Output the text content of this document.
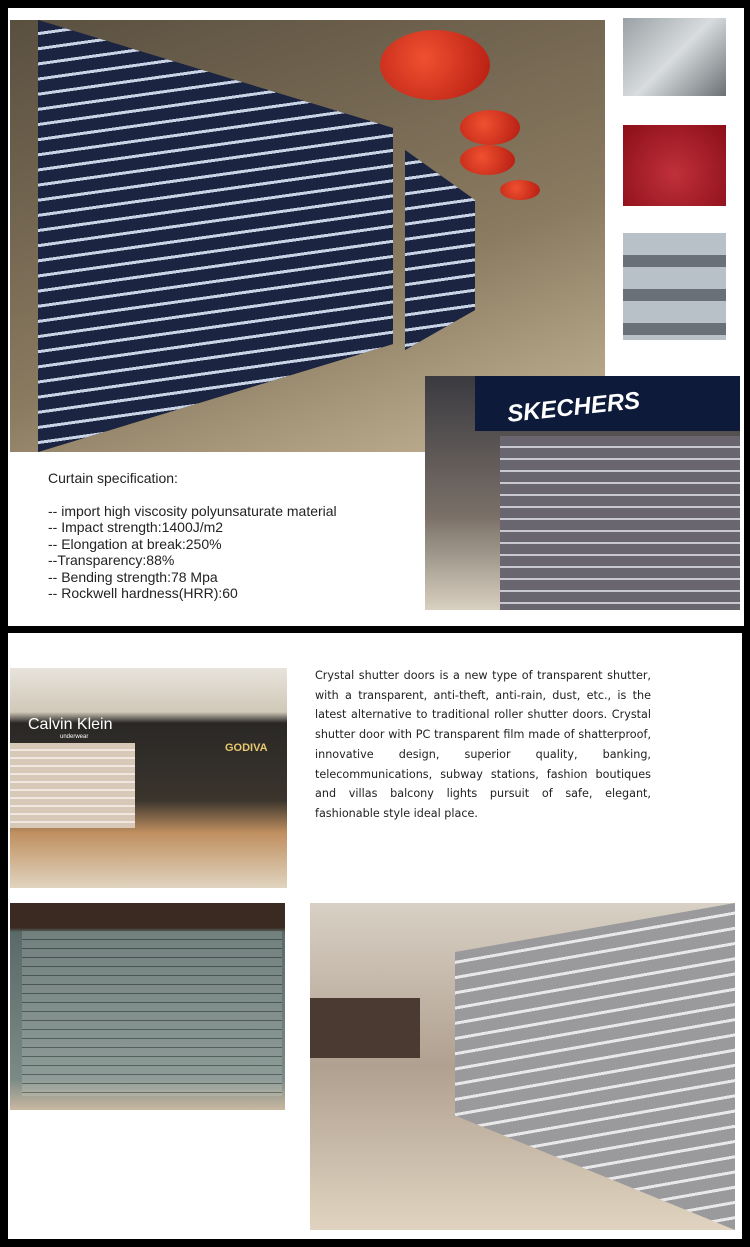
SKECHERS
Curtain specification:
-- import high viscosity polyunsaturate material
-- Impact strength:1400J/m2
-- Elongation at break:250%
--Transparency:88%
-- Bending strength:78 Mpa
-- Rockwell hardness(HRR):60
Calvin Klein
underwear
GODIVA
Crystal shutter doors is a new type of transparent shutter, with a transparent, anti-theft, anti-rain, dust, etc., is the latest alternative to traditional roller shutter doors. Crystal shutter door with PC transparent film made of shatterproof, innovative design, superior quality, banking, telecommunications, subway stations, fashion boutiques and villas balcony lights pursuit of safe, elegant, fashionable style ideal place.
